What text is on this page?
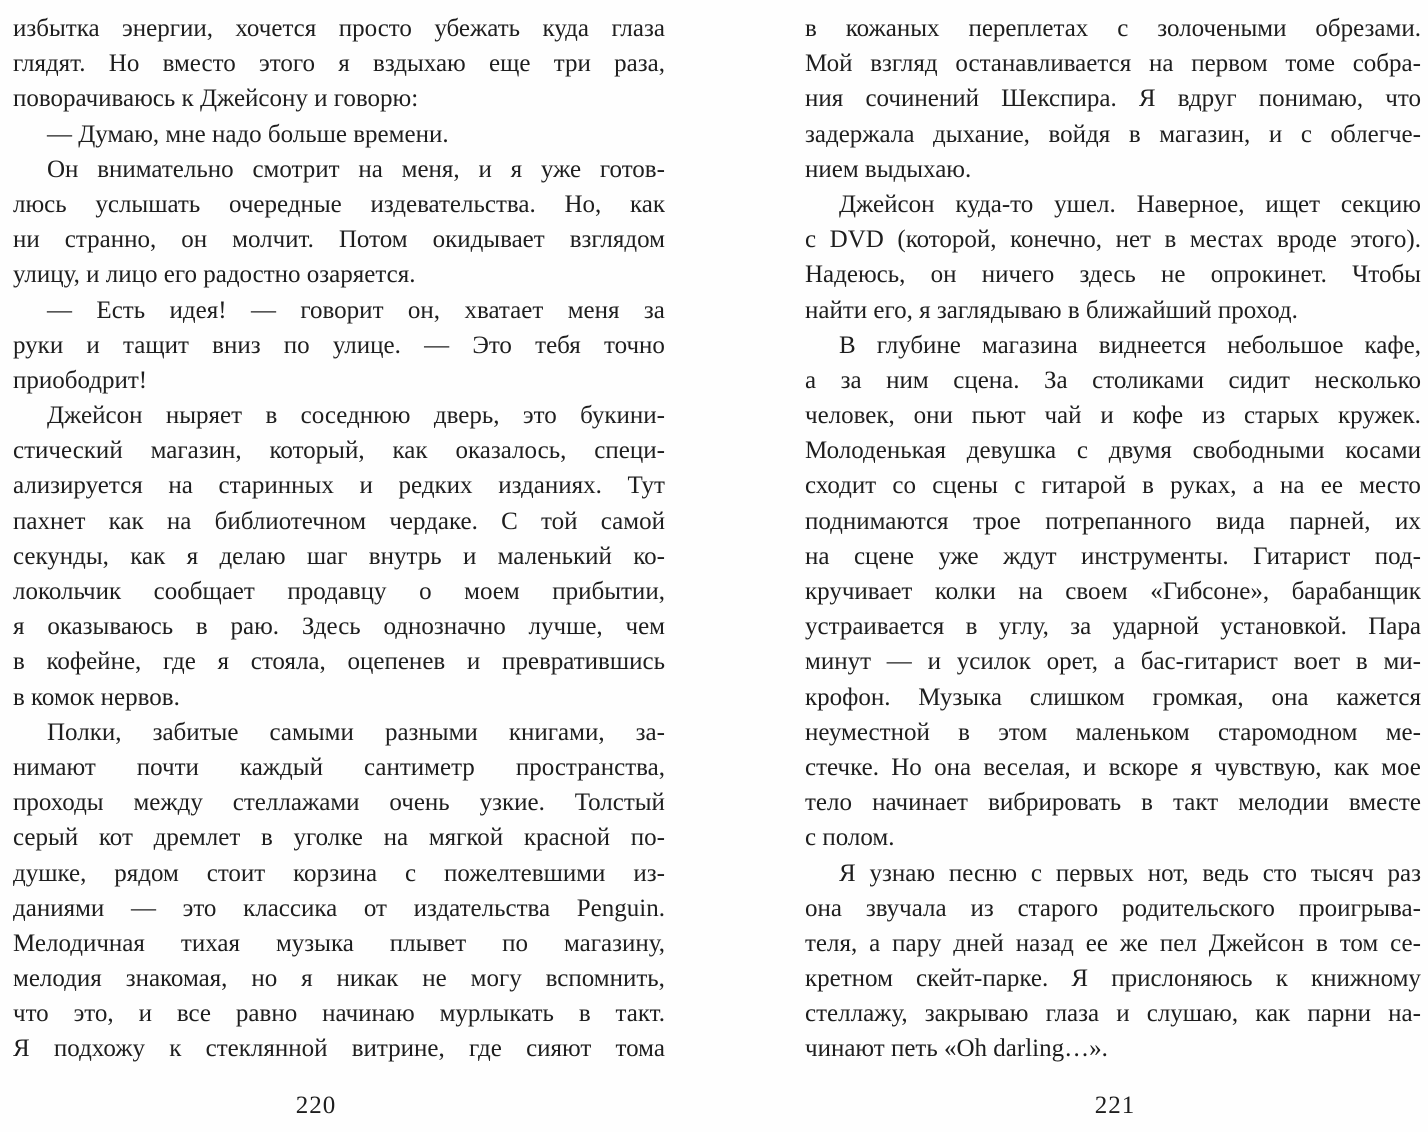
избытка энергии, хочется просто убежать куда глаза
глядят. Но вместо этого я вздыхаю еще три раза,
поворачиваюсь к Джейсону и говорю:
— Думаю, мне надо больше времени.
Он внимательно смотрит на меня, и я уже готов-
люсь услышать очередные издевательства. Но, как
ни странно, он молчит. Потом окидывает взглядом
улицу, и лицо его радостно озаряется.
— Есть идея! — говорит он, хватает меня за
руки и тащит вниз по улице. — Это тебя точно
приободрит!
Джейсон ныряет в соседнюю дверь, это букини-
стический магазин, который, как оказалось, специ-
ализируется на старинных и редких изданиях. Тут
пахнет как на библиотечном чердаке. С той самой
секунды, как я делаю шаг внутрь и маленький ко-
локольчик сообщает продавцу о моем прибытии,
я оказываюсь в раю. Здесь однозначно лучше, чем
в кофейне, где я стояла, оцепенев и превратившись
в комок нервов.
Полки, забитые самыми разными книгами, за-
нимают почти каждый сантиметр пространства,
проходы между стеллажами очень узкие. Толстый
серый кот дремлет в уголке на мягкой красной по-
душке, рядом стоит корзина с пожелтевшими из-
даниями — это классика от издательства Penguin.
Мелодичная тихая музыка плывет по магазину,
мелодия знакомая, но я никак не могу вспомнить,
что это, и все равно начинаю мурлыкать в такт.
Я подхожу к стеклянной витрине, где сияют тома
в кожаных переплетах с золочеными обрезами.
Мой взгляд останавливается на первом томе собра-
ния сочинений Шекспира. Я вдруг понимаю, что
задержала дыхание, войдя в магазин, и с облегче-
нием выдыхаю.
Джейсон куда-то ушел. Наверное, ищет секцию
с DVD (которой, конечно, нет в местах вроде этого).
Надеюсь, он ничего здесь не опрокинет. Чтобы
найти его, я заглядываю в ближайший проход.
В глубине магазина виднеется небольшое кафе,
а за ним сцена. За столиками сидит несколько
человек, они пьют чай и кофе из старых кружек.
Молоденькая девушка с двумя свободными косами
сходит со сцены с гитарой в руках, а на ее место
поднимаются трое потрепанного вида парней, их
на сцене уже ждут инструменты. Гитарист под-
кручивает колки на своем «Гибсоне», барабанщик
устраивается в углу, за ударной установкой. Пара
минут — и усилок орет, а бас-гитарист воет в ми-
крофон. Музыка слишком громкая, она кажется
неуместной в этом маленьком старомодном ме-
стечке. Но она веселая, и вскоре я чувствую, как мое
тело начинает вибрировать в такт мелодии вместе
с полом.
Я узнаю песню с первых нот, ведь сто тысяч раз
она звучала из старого родительского проигрыва-
теля, а пару дней назад ее же пел Джейсон в том се-
кретном скейт-парке. Я прислоняюсь к книжному
стеллажу, закрываю глаза и слушаю, как парни на-
чинают петь «Oh darling…».
220	221
